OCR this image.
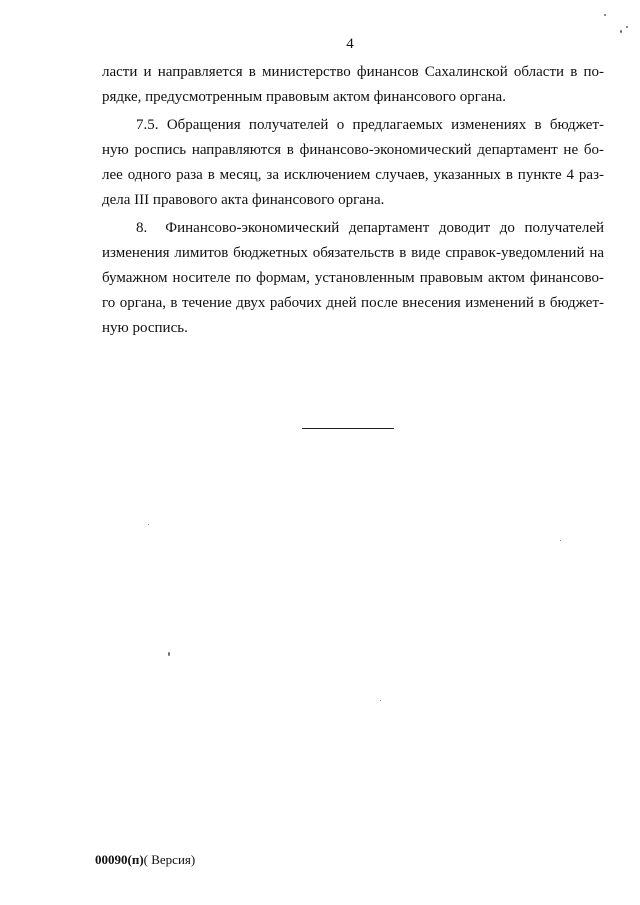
4
ласти и направляется в министерство финансов Сахалинской области в по-
рядке, предусмотренным правовым актом финансового органа.
7.5. Обращения получателей о предлагаемых изменениях в бюджет-
ную роспись направляются в финансово-экономический департамент не бо-
лее одного раза в месяц, за исключением случаев, указанных в пункте 4 раз-
дела III правового акта финансового органа.
8. Финансово-экономический департамент доводит до получателей
изменения лимитов бюджетных обязательств в виде справок-уведомлений на
бумажном носителе по формам, установленным правовым актом финансово-
го органа, в течение двух рабочих дней после внесения изменений в бюджет-
ную роспись.
00090(п)( Версия)
